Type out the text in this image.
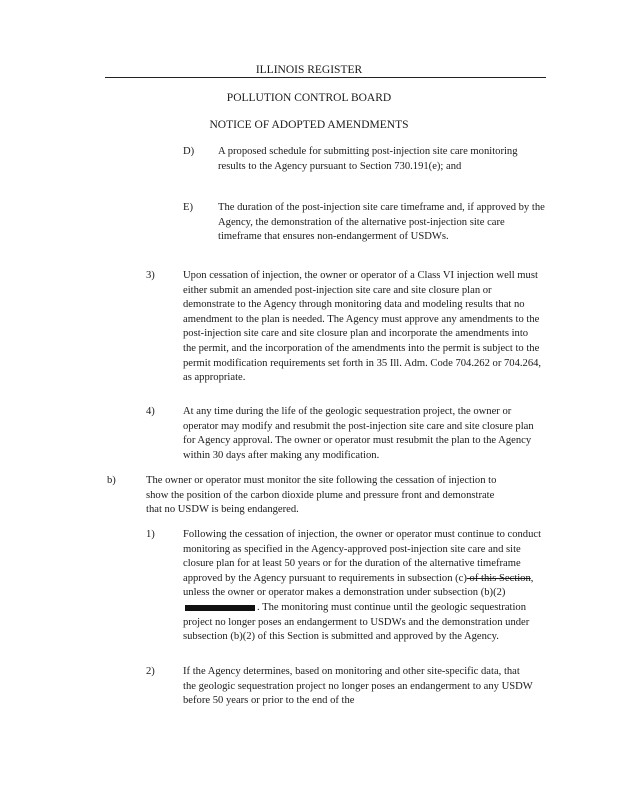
ILLINOIS REGISTER
POLLUTION CONTROL BOARD
NOTICE OF ADOPTED AMENDMENTS
D) A proposed schedule for submitting post-injection site care monitoring results to the Agency pursuant to Section 730.191(e); and
E) The duration of the post-injection site care timeframe and, if approved by the Agency, the demonstration of the alternative post-injection site care timeframe that ensures non-endangerment of USDWs.
3)	Upon cessation of injection, the owner or operator of a Class VI injection well must either submit an amended post-injection site care and site closure plan or demonstrate to the Agency through monitoring data and modeling results that no amendment to the plan is needed. The Agency must approve any amendments to the post-injection site care and site closure plan and incorporate the amendments into the permit, and the incorporation of the amendments into the permit is subject to the permit modification requirements set forth in 35 Ill. Adm. Code 704.262 or 704.264, as appropriate.
4)	At any time during the life of the geologic sequestration project, the owner or operator may modify and resubmit the post-injection site care and site closure plan for Agency approval. The owner or operator must resubmit the plan to the Agency within 30 days after making any modification.
b)	The owner or operator must monitor the site following the cessation of injection to show the position of the carbon dioxide plume and pressure front and demonstrate that no USDW is being endangered.
1)	Following the cessation of injection, the owner or operator must continue to conduct monitoring as specified in the Agency-approved post-injection site care and site closure plan for at least 50 years or for the duration of the alternative timeframe approved by the Agency pursuant to requirements in subsection (c) of this Section, unless the owner or operator makes a demonstration under subsection (b)(2). The monitoring must continue until the geologic sequestration project no longer poses an endangerment to USDWs and the demonstration under subsection (b)(2) of this Section is submitted and approved by the Agency.
2)	If the Agency determines, based on monitoring and other site-specific data, that the geologic sequestration project no longer poses an endangerment to any USDW before 50 years or prior to the end of the
